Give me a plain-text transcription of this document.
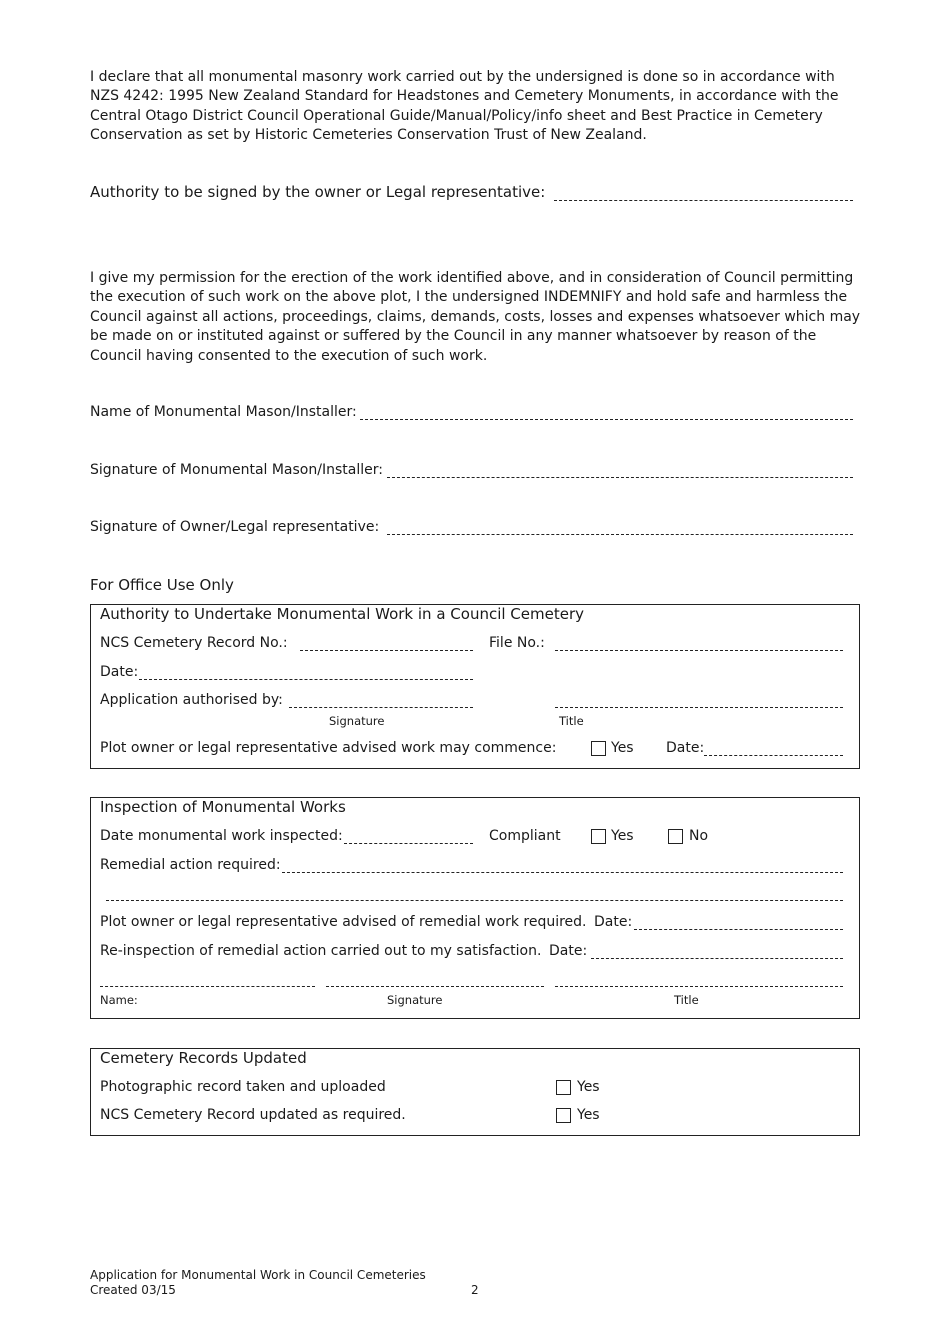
I declare that all monumental masonry work carried out by the undersigned is done so in accordance with NZS 4242: 1995 New Zealand Standard for Headstones and Cemetery Monuments, in accordance with the Central Otago District Council Operational Guide/Manual/Policy/info sheet and Best Practice in Cemetery Conservation as set by Historic Cemeteries Conservation Trust of New Zealand.
Authority to be signed by the owner or Legal representative:
I give my permission for the erection of the work identified above, and in consideration of Council permitting the execution of such work on the above plot, I the undersigned INDEMNIFY and hold safe and harmless the Council against all actions, proceedings, claims, demands, costs, losses and expenses whatsoever which may be made on or instituted against or suffered by the Council in any manner whatsoever by reason of the Council having consented to the execution of such work.
Name of Monumental Mason/Installer:
Signature of Monumental Mason/Installer:
Signature of Owner/Legal representative:
For Office Use Only
Authority to Undertake Monumental Work in a Council Cemetery
NCS Cemetery Record No.:	File No.:
Date:
Application authorised by:
Signature	Title
Plot owner or legal representative advised work may commence:	Yes Date:
Inspection of Monumental Works
Date monumental work inspected:	Compliant	Yes	No
Remedial action required:
Plot owner or legal representative advised of remedial work required. Date:
Re-inspection of remedial action carried out to my satisfaction. Date:
Name:	Signature	Title
Cemetery Records Updated
Photographic record taken and uploaded	Yes
NCS Cemetery Record updated as required.	Yes
Application for Monumental Work in Council Cemeteries
Created 03/15	2
